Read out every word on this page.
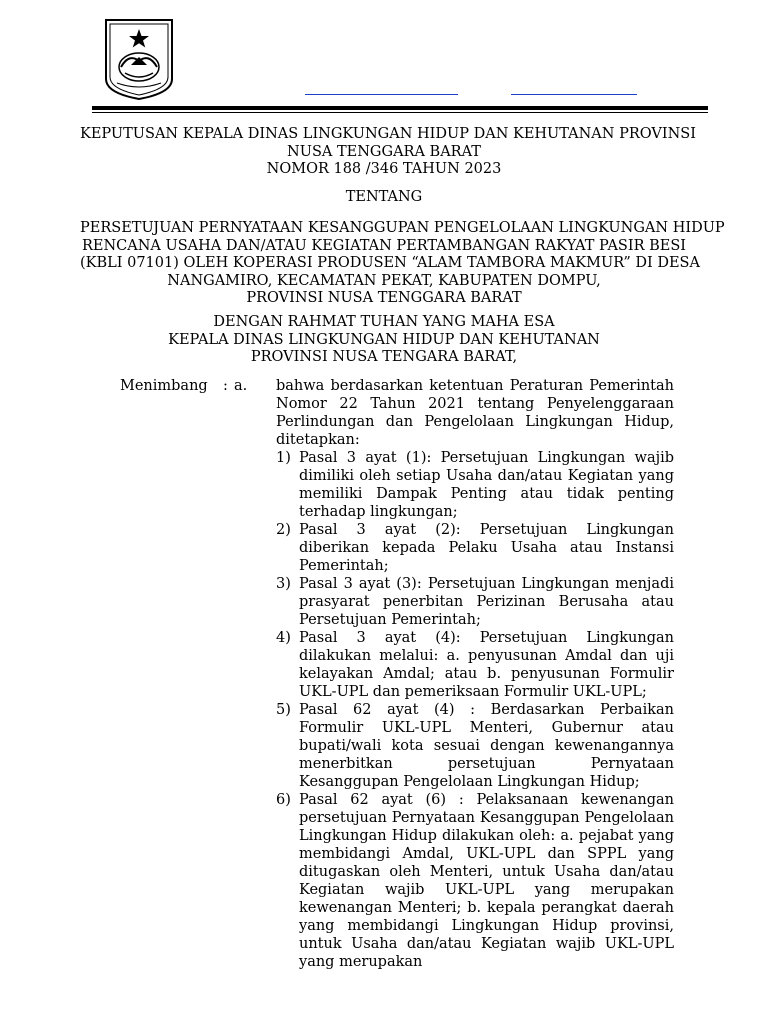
KEPUTUSAN KEPALA DINAS LINGKUNGAN HIDUP DAN KEHUTANAN PROVINSI
NUSA TENGGARA BARAT
NOMOR 188 /346 TAHUN 2023
TENTANG
PERSETUJUAN PERNYATAAN KESANGGUPAN PENGELOLAAN LINGKUNGAN HIDUP
RENCANA USAHA DAN/ATAU KEGIATAN PERTAMBANGAN RAKYAT PASIR BESI
(KBLI 07101) OLEH KOPERASI PRODUSEN “ALAM TAMBORA MAKMUR” DI DESA
NANGAMIRO, KECAMATAN PEKAT, KABUPATEN DOMPU,
PROVINSI NUSA TENGGARA BARAT
DENGAN RAHMAT TUHAN YANG MAHA ESA
KEPALA DINAS LINGKUNGAN HIDUP DAN KEHUTANAN
PROVINSI NUSA TENGARA BARAT,
Menimbang : a. bahwa berdasarkan ketentuan Peraturan Pemerintah Nomor 22 Tahun 2021 tentang Penyelenggaraan Perlindungan dan Pengelolaan Lingkungan Hidup, ditetapkan:

1) Pasal 3 ayat (1): Persetujuan Lingkungan wajib dimiliki oleh setiap Usaha dan/atau Kegiatan yang memiliki Dampak Penting atau tidak penting terhadap lingkungan;
2) Pasal 3 ayat (2): Persetujuan Lingkungan diberikan kepada Pelaku Usaha atau Instansi Pemerintah;
3) Pasal 3 ayat (3): Persetujuan Lingkungan menjadi prasyarat penerbitan Perizinan Berusaha atau Persetujuan Pemerintah;
4) Pasal 3 ayat (4): Persetujuan Lingkungan dilakukan melalui: a. penyusunan Amdal dan uji kelayakan Amdal; atau b. penyusunan Formulir UKL-UPL dan pemeriksaan Formulir UKL-UPL;
5) Pasal 62 ayat (4) : Berdasarkan Perbaikan Formulir UKL-UPL Menteri, Gubernur atau bupati/wali kota sesuai dengan kewenangannya menerbitkan persetujuan Pernyataan Kesanggupan Pengelolaan Lingkungan Hidup;
6) Pasal 62 ayat (6) : Pelaksanaan kewenangan persetujuan Pernyataan Kesanggupan Pengelolaan Lingkungan Hidup dilakukan oleh: a. pejabat yang membidangi Amdal, UKL-UPL dan SPPL yang ditugaskan oleh Menteri, untuk Usaha dan/atau Kegiatan wajib UKL-UPL yang merupakan kewenangan Menteri; b. kepala perangkat daerah yang membidangi Lingkungan Hidup provinsi, untuk Usaha dan/atau Kegiatan wajib UKL-UPL yang merupakan
